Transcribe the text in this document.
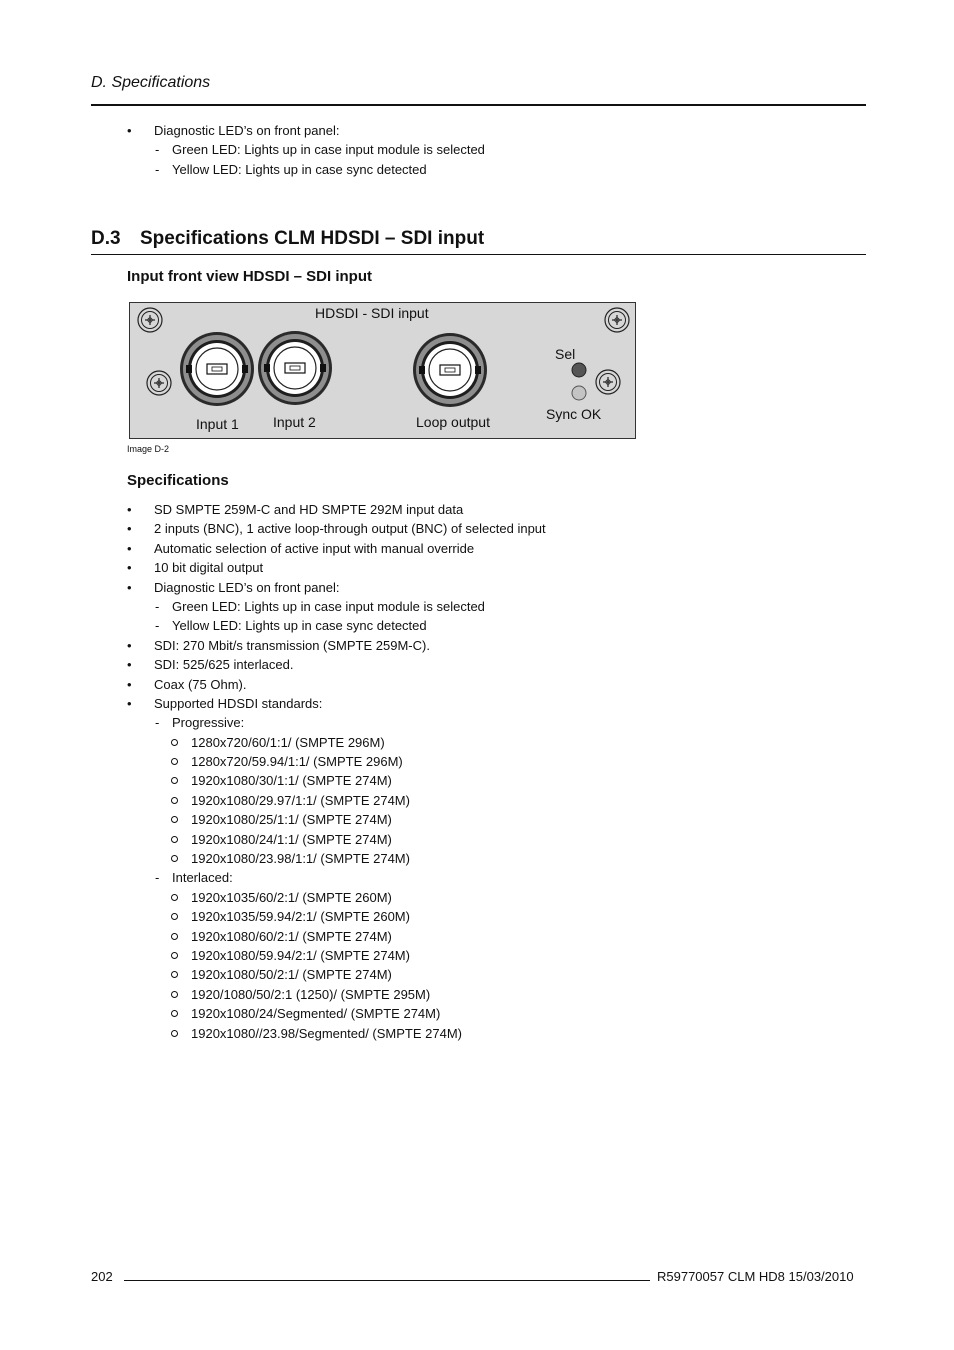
D. Specifications
• Diagnostic LED’s on front panel:
- Green LED: Lights up in case input module is selected
- Yellow LED: Lights up in case sync detected
D.3 Specifications CLM HDSDI – SDI input
Input front view HDSDI – SDI input
HDSDI - SDI input
Input 1 Input 2	Loop output
Sel
Sync OK
Image D-2
Specifications
• SD SMPTE 259M-C and HD SMPTE 292M input data
• 2 inputs (BNC), 1 active loop-through output (BNC) of selected input
• Automatic selection of active input with manual override
• 10 bit digital output
• Diagnostic LED’s on front panel:
- Green LED: Lights up in case input module is selected
- Yellow LED: Lights up in case sync detected
• SDI: 270 Mbit/s transmission (SMPTE 259M-C).
• SDI: 525/625 interlaced.
• Coax (75 Ohm).
• Supported HDSDI standards:
- Progressive:
1280x720/60/1:1/ (SMPTE 296M)
1280x720/59.94/1:1/ (SMPTE 296M)
1920x1080/30/1:1/ (SMPTE 274M)
1920x1080/29.97/1:1/ (SMPTE 274M)
1920x1080/25/1:1/ (SMPTE 274M)
1920x1080/24/1:1/ (SMPTE 274M)
1920x1080/23.98/1:1/ (SMPTE 274M)
- Interlaced:
1920x1035/60/2:1/ (SMPTE 260M)
1920x1035/59.94/2:1/ (SMPTE 260M)
1920x1080/60/2:1/ (SMPTE 274M)
1920x1080/59.94/2:1/ (SMPTE 274M)
1920x1080/50/2:1/ (SMPTE 274M)
1920/1080/50/2:1 (1250)/ (SMPTE 295M)
1920x1080/24/Segmented/ (SMPTE 274M)
1920x1080//23.98/Segmented/ (SMPTE 274M)
202	R59770057 CLM HD8 15/03/2010
